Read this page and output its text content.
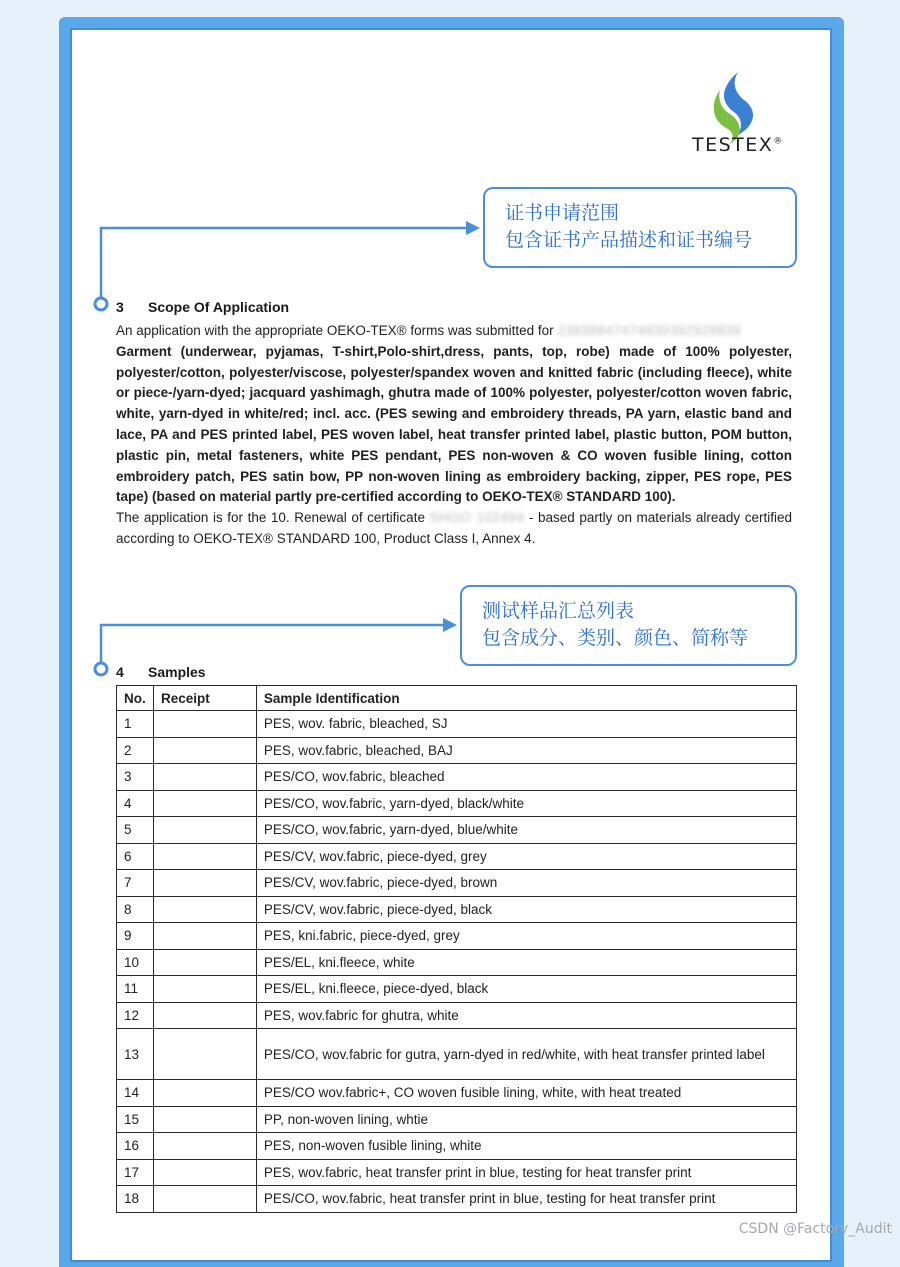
TESTEX®
证书申请范围
包含证书产品描述和证书编号
测试样品汇总列表
包含成分、类别、颜色、简称等
3 Scope Of Application
An application with the appropriate OEKO-TEX® forms was submitted for 23838847474839392928838
Garment (underwear, pyjamas, T-shirt,Polo-shirt,dress, pants, top, robe) made of 100% polyester, polyester/cotton, polyester/viscose, polyester/spandex woven and knitted fabric (including fleece), white or piece-/yarn-dyed; jacquard yashimagh, ghutra made of 100% polyester, polyester/cotton woven fabric, white, yarn-dyed in white/red; incl. acc. (PES sewing and embroidery threads, PA yarn, elastic band and lace, PA and PES printed label, PES woven label, heat transfer printed label, plastic button, POM button, plastic pin, metal fasteners, white PES pendant, PES non-woven & CO woven fusible lining, cotton embroidery patch, PES satin bow, PP non-woven lining as embroidery backing, zipper, PES rope, PES tape) (based on material partly pre-certified according to OEKO-TEX® STANDARD 100).
The application is for the 10. Renewal of certificate SHGO 102494 - based partly on materials already certified according to OEKO-TEX® STANDARD 100, Product Class I, Annex 4.
4 Samples
No.	Receipt	Sample Identification
1		PES, wov. fabric, bleached, SJ
2		PES, wov.fabric, bleached, BAJ
3		PES/CO, wov.fabric, bleached
4		PES/CO, wov.fabric, yarn-dyed, black/white
5		PES/CO, wov.fabric, yarn-dyed, blue/white
6		PES/CV, wov.fabric, piece-dyed, grey
7		PES/CV, wov.fabric, piece-dyed, brown
8		PES/CV, wov.fabric, piece-dyed, black
9		PES, kni.fabric, piece-dyed, grey
10		PES/EL, kni.fleece, white
11		PES/EL, kni.fleece, piece-dyed, black
12		PES, wov.fabric for ghutra, white
13		PES/CO, wov.fabric for gutra, yarn-dyed in red/white, with heat transfer printed label
14		PES/CO wov.fabric+, CO woven fusible lining, white, with heat treated
15		PP, non-woven lining, whtie
16		PES, non-woven fusible lining, white
17		PES, wov.fabric, heat transfer print in blue, testing for heat transfer print
18		PES/CO, wov.fabric, heat transfer print in blue, testing for heat transfer print
CSDN @Factory_Audit
